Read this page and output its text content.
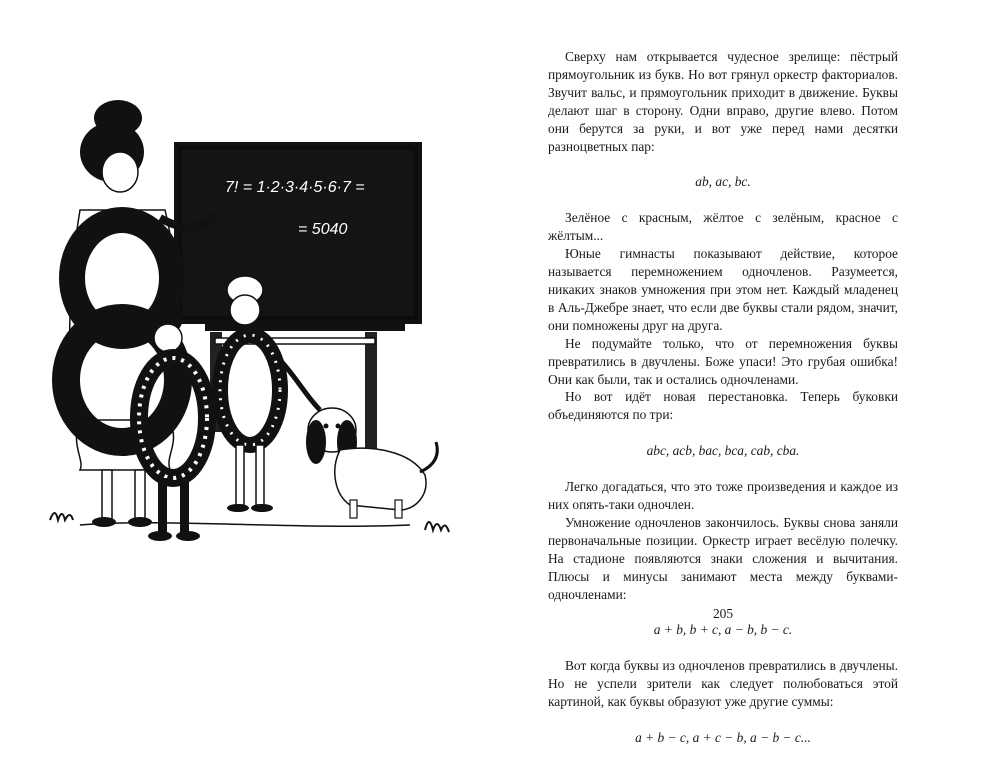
7! = 1·2·3·4·5·6·7 =
= 5040

Сверху нам открывается чудесное зрелище: пёстрый прямоугольник из букв. Но вот грянул оркестр факториалов. Звучит вальс, и прямоугольник приходит в движение. Буквы делают шаг в сторону. Одни вправо, другие влево. Потом они берутся за руки, и вот уже перед нами десятки разноцветных пар:

ab, ac, bc.

Зелёное с красным, жёлтое с зелёным, красное с жёлтым...

Юные гимнасты показывают действие, которое называется перемножением одночленов. Разумеется, никаких знаков умножения при этом нет. Каждый младенец в Аль-Джебре знает, что если две буквы стали рядом, значит, они помножены друг на друга.

Не подумайте только, что от перемножения буквы превратились в двучлены. Боже упаси! Это грубая ошибка! Они как были, так и остались одночленами.

Но вот идёт новая перестановка. Теперь буковки объединяются по три:

abc, acb, bac, bca, cab, cba.

Легко догадаться, что это тоже произведения и каждое из них опять-таки одночлен.

Умножение одночленов закончилось. Буквы снова заняли первоначальные позиции. Оркестр играет весёлую полечку. На стадионе появляются знаки сложения и вычитания. Плюсы и минусы занимают места между буквами-одночленами:

a + b, b + c, a − b, b − c.

Вот когда буквы из одночленов превратились в двучлены. Но не успели зрители как следует полюбоваться этой картиной, как буквы образуют уже другие суммы:

a + b − c, a + c − b, a − b − c...

205
